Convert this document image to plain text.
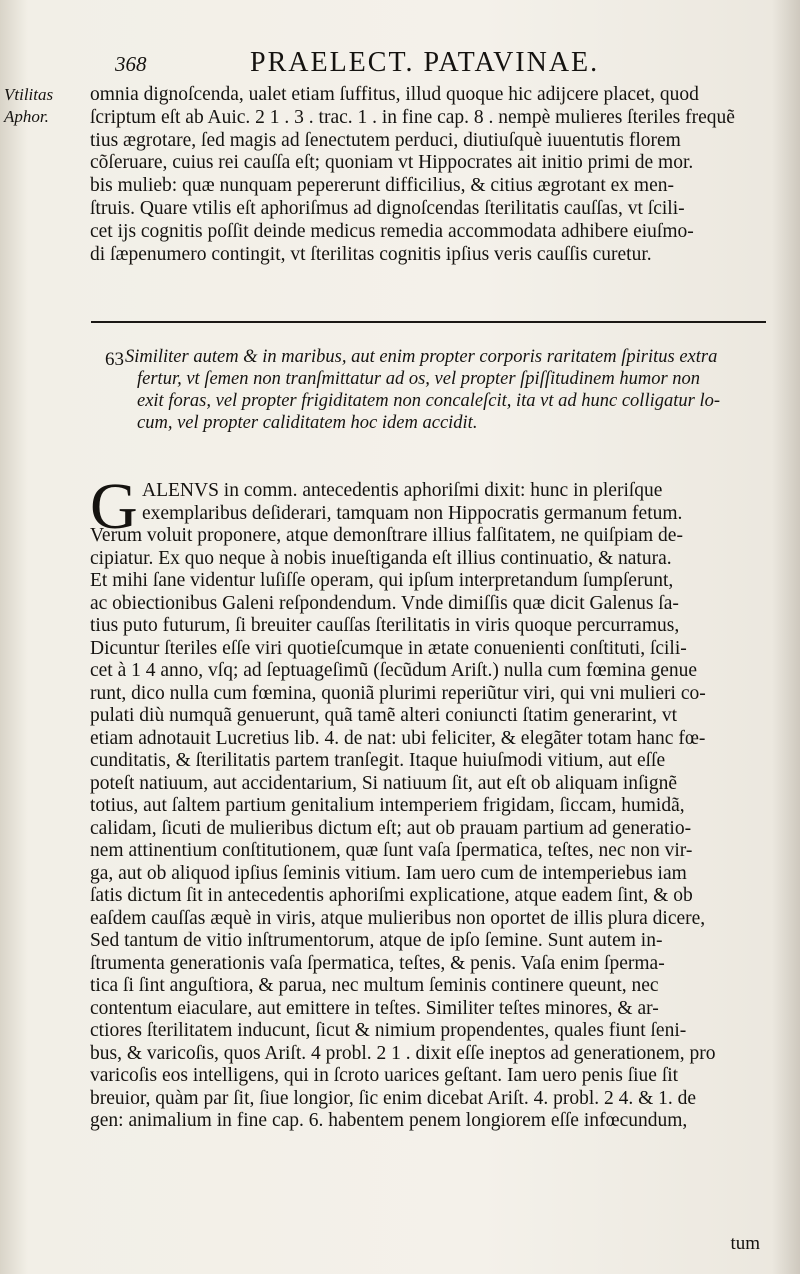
368	PRAELECT. PATAVINAE.
Vtilitas
Aphor.
omnia dignoſcenda, ualet etiam ſuffitus, illud quoque hic adijcere placet, quod
ſcriptum eſt ab Auic. 2 1 . 3 . trac. 1 . in fine cap. 8 . nempè mulieres ſteriles frequẽ
tius ægrotare, ſed magis ad ſenectutem perduci, diutiuſquè iuuentutis florem
cõſeruare, cuius rei cauſſa eſt; quoniam vt Hippocrates ait initio primi de mor.
bis mulieb: quæ nunquam pepererunt difficilius, & citius ægrotant ex men-
ſtruis. Quare vtilis eſt aphoriſmus ad dignoſcendas ſterilitatis cauſſas, vt ſcili-
cet ijs cognitis poſſit deinde medicus remedia accommodata adhibere eiuſmo-
di ſæpenumero contingit, vt ſterilitas cognitis ipſius veris cauſſis curetur.
63 Similiter autem & in maribus, aut enim propter corporis raritatem ſpiritus extra
fertur, vt ſemen non tranſmittatur ad os, vel propter ſpiſſitudinem humor non
exit foras, vel propter frigiditatem non concaleſcit, ita vt ad hunc colligatur lo-
cum, vel propter caliditatem hoc idem accidit.
G ALENVS in comm. antecedentis aphoriſmi dixit: hunc in pleriſque
exemplaribus deſiderari, tamquam non Hippocratis germanum fetum.
Verum voluit proponere, atque demonſtrare illius falſitatem, ne quiſpiam de-
cipiatur. Ex quo neque à nobis inueſtiganda eſt illius continuatio, & natura.
Et mihi ſane videntur luſiſſe operam, qui ipſum interpretandum ſumpſerunt,
ac obiectionibus Galeni reſpondendum. Vnde dimiſſis quæ dicit Galenus ſa-
tius puto futurum, ſi breuiter cauſſas ſterilitatis in viris quoque percurramus,
Dicuntur ſteriles eſſe viri quotieſcumque in ætate conuenienti conſtituti, ſcili-
cet à 1 4 anno, vſq; ad ſeptuageſimũ (ſecũdum Ariſt.) nulla cum fœmina genue
runt, dico nulla cum fœmina, quoniã plurimi reperiũtur viri, qui vni mulieri co-
pulati diù numquã genuerunt, quã tamẽ alteri coniuncti ſtatim generarint, vt
etiam adnotauit Lucretius lib. 4. de nat: ubi feliciter, & elegãter totam hanc fœ-
cunditatis, & ſterilitatis partem tranſegit. Itaque huiuſmodi vitium, aut eſſe
poteſt natiuum, aut accidentarium, Si natiuum ſit, aut eſt ob aliquam inſignẽ
totius, aut ſaltem partium genitalium intemperiem frigidam, ſiccam, humidã,
calidam, ſicuti de mulieribus dictum eſt; aut ob prauam partium ad generatio-
nem attinentium conſtitutionem, quæ ſunt vaſa ſpermatica, teſtes, nec non vir-
ga, aut ob aliquod ipſius ſeminis vitium. Iam uero cum de intemperiebus iam
ſatis dictum ſit in antecedentis aphoriſmi explicatione, atque eadem ſint, & ob
eaſdem cauſſas æquè in viris, atque mulieribus non oportet de illis plura dicere,
Sed tantum de vitio inſtrumentorum, atque de ipſo ſemine. Sunt autem in-
ſtrumenta generationis vaſa ſpermatica, teſtes, & penis. Vaſa enim ſperma-
tica ſi ſint anguſtiora, & parua, nec multum ſeminis continere queunt, nec
contentum eiaculare, aut emittere in teſtes. Similiter teſtes minores, & ar-
ctiores ſterilitatem inducunt, ſicut & nimium propendentes, quales fiunt ſeni-
bus, & varicoſis, quos Ariſt. 4 probl. 2 1 . dixit eſſe ineptos ad generationem, pro
varicoſis eos intelligens, qui in ſcroto uarices geſtant. Iam uero penis ſiue ſit
breuior, quàm par ſit, ſiue longior, ſic enim dicebat Ariſt. 4. probl. 2 4. & 1. de
gen: animalium in fine cap. 6. habentem penem longiorem eſſe infœcundum,
tum
